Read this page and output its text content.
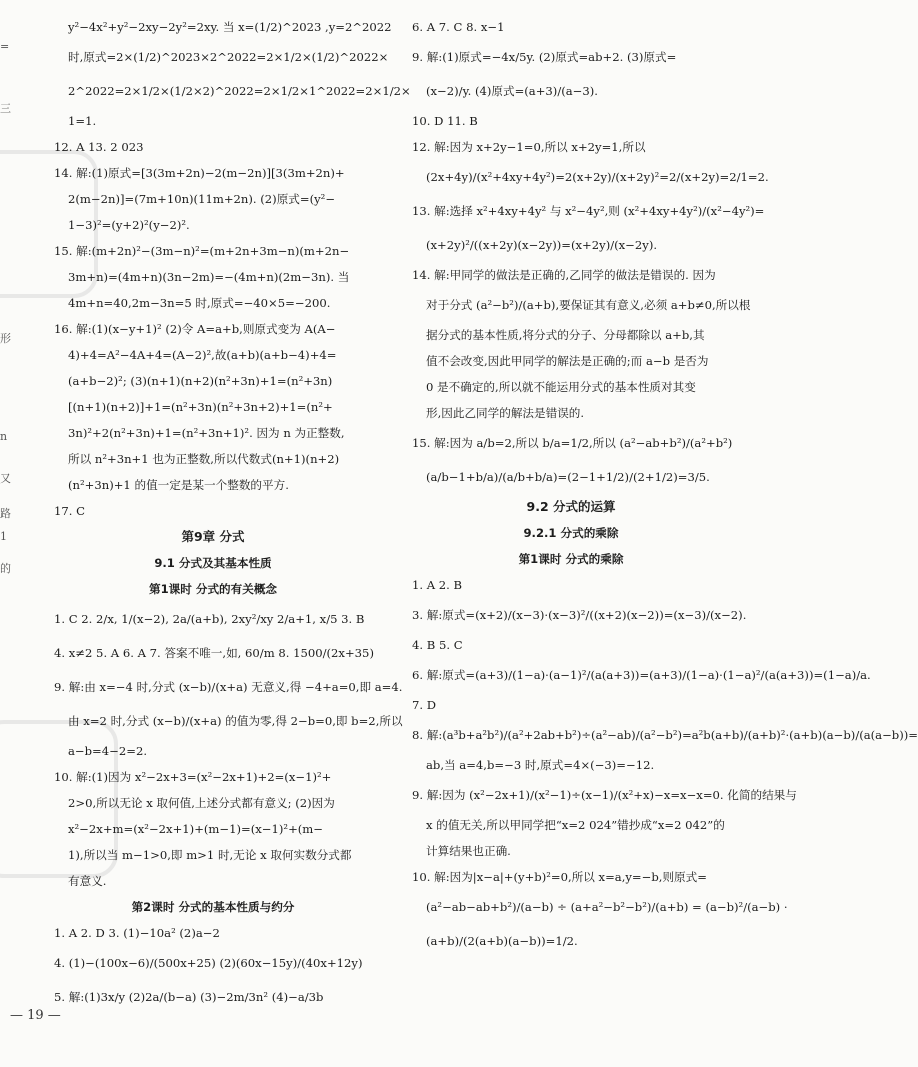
=
三
形
n
又
路
1
的
y²−4x²+y²−2xy−2y²=2xy. 当 x=(1/2)^2023 ,y=2^2022
时,原式=2×(1/2)^2023×2^2022=2×1/2×(1/2)^2022×
2^2022=2×1/2×(1/2×2)^2022=2×1/2×1^2022=2×1/2×
1=1.
12. A 13. 2 023
14. 解:(1)原式=[3(3m+2n)−2(m−2n)][3(3m+2n)+
2(m−2n)]=(7m+10n)(11m+2n). (2)原式=(y²−
1−3)²=(y+2)²(y−2)².
15. 解:(m+2n)²−(3m−n)²=(m+2n+3m−n)(m+2n−
3m+n)=(4m+n)(3n−2m)=−(4m+n)(2m−3n). 当
4m+n=40,2m−3n=5 时,原式=−40×5=−200.
16. 解:(1)(x−y+1)² (2)令 A=a+b,则原式变为 A(A−
4)+4=A²−4A+4=(A−2)²,故(a+b)(a+b−4)+4=
(a+b−2)²; (3)(n+1)(n+2)(n²+3n)+1=(n²+3n)
[(n+1)(n+2)]+1=(n²+3n)(n²+3n+2)+1=(n²+
3n)²+2(n²+3n)+1=(n²+3n+1)². 因为 n 为正整数,
所以 n²+3n+1 也为正整数,所以代数式(n+1)(n+2)
(n²+3n)+1 的值一定是某一个整数的平方.
17. C
第9章 分式
9.1 分式及其基本性质
第1课时 分式的有关概念
1. C 2. 2/x, 1/(x−2), 2a/(a+b), 2xy²/xy 2/a+1, x/5 3. B
4. x≠2 5. A 6. A 7. 答案不唯一,如, 60/m 8. 1500/(2x+35)
9. 解:由 x=−4 时,分式 (x−b)/(x+a) 无意义,得 −4+a=0,即 a=4.
由 x=2 时,分式 (x−b)/(x+a) 的值为零,得 2−b=0,即 b=2,所以
a−b=4−2=2.
10. 解:(1)因为 x²−2x+3=(x²−2x+1)+2=(x−1)²+
2>0,所以无论 x 取何值,上述分式都有意义; (2)因为
x²−2x+m=(x²−2x+1)+(m−1)=(x−1)²+(m−
1),所以当 m−1>0,即 m>1 时,无论 x 取何实数分式都
有意义.
第2课时 分式的基本性质与约分
1. A 2. D 3. (1)−10a² (2)a−2
4. (1)−(100x−6)/(500x+25) (2)(60x−15y)/(40x+12y)
5. 解:(1)3x/y (2)2a/(b−a) (3)−2m/3n² (4)−a/3b
6. A 7. C 8. x−1
9. 解:(1)原式=−4x/5y. (2)原式=ab+2. (3)原式=
(x−2)/y. (4)原式=(a+3)/(a−3).
10. D 11. B
12. 解:因为 x+2y−1=0,所以 x+2y=1,所以
(2x+4y)/(x²+4xy+4y²)=2(x+2y)/(x+2y)²=2/(x+2y)=2/1=2.
13. 解:选择 x²+4xy+4y² 与 x²−4y²,则 (x²+4xy+4y²)/(x²−4y²)=
(x+2y)²/((x+2y)(x−2y))=(x+2y)/(x−2y).
14. 解:甲同学的做法是正确的,乙同学的做法是错误的. 因为
对于分式 (a²−b²)/(a+b),要保证其有意义,必须 a+b≠0,所以根
据分式的基本性质,将分式的分子、分母都除以 a+b,其
值不会改变,因此甲同学的解法是正确的;而 a−b 是否为
0 是不确定的,所以就不能运用分式的基本性质对其变
形,因此乙同学的解法是错误的.
15. 解:因为 a/b=2,所以 b/a=1/2,所以 (a²−ab+b²)/(a²+b²)
(a/b−1+b/a)/(a/b+b/a)=(2−1+1/2)/(2+1/2)=3/5.
9.2 分式的运算
9.2.1 分式的乘除
第1课时 分式的乘除
1. A 2. B
3. 解:原式=(x+2)/(x−3)·(x−3)²/((x+2)(x−2))=(x−3)/(x−2).
4. B 5. C
6. 解:原式=(a+3)/(1−a)·(a−1)²/(a(a+3))=(a+3)/(1−a)·(1−a)²/(a(a+3))=(1−a)/a.
7. D
8. 解:(a³b+a²b²)/(a²+2ab+b²)÷(a²−ab)/(a²−b²)=a²b(a+b)/(a+b)²·(a+b)(a−b)/(a(a−b))=
ab,当 a=4,b=−3 时,原式=4×(−3)=−12.
9. 解:因为 (x²−2x+1)/(x²−1)÷(x−1)/(x²+x)−x=x−x=0. 化简的结果与
x 的值无关,所以甲同学把“x=2 024”错抄成“x=2 042”的
计算结果也正确.
10. 解:因为|x−a|+(y+b)²=0,所以 x=a,y=−b,则原式=
(a²−ab−ab+b²)/(a−b) ÷ (a+a²−b²−b²)/(a+b) = (a−b)²/(a−b) ·
(a+b)/(2(a+b)(a−b))=1/2.
— 19 —
